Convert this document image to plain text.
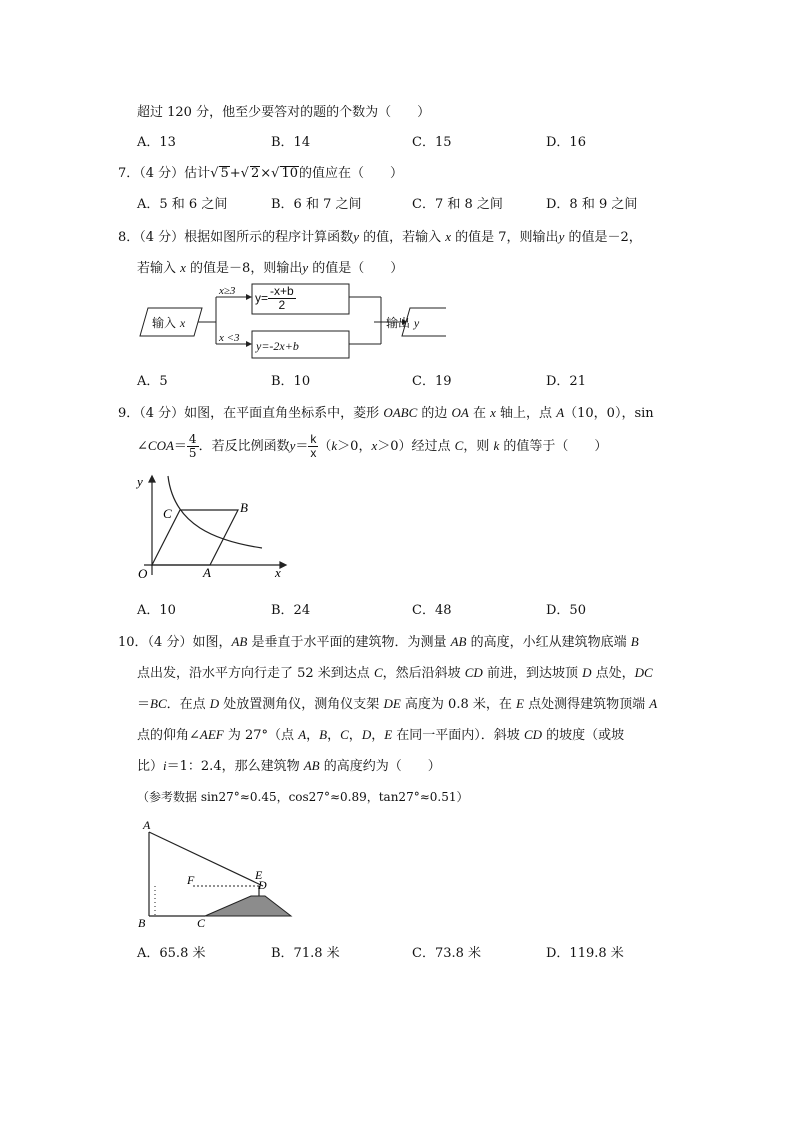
超过 120 分，他至少要答对的题的个数为（　　）
A．13	B．14	C．15	D．16
7．（4 分）估计√ 5+√ 2×√ 10的值应在（　　）
A．5 和 6 之间	B．6 和 7 之间	C．7 和 8 之间	D．8 和 9 之间
8．（4 分）根据如图所示的程序计算函数y 的值，若输入 x 的值是 7，则输出y 的值是－2，
若输入 x 的值是－8，则输出y 的值是（　　）
输入 x
x≥3
x <3
$y= \frac{-x+b}{2}$
y=-2x+b
输出 y
A．5	B．10	C．19	D．21
9．（4 分）如图，在平面直角坐标系中，菱形 OABC 的边 OA 在 x 轴上，点 A（10，0），sin
∠COA＝ $\frac{4}{5}$ ．若反比例函数$y= \frac{k}{x} (k>0$，x＞0）经过点 C，则 k 的值等于（　　）
y
x
O	A
B
C
A．10	B．24	C．48	D．50
10．（4 分）如图，AB 是垂直于水平面的建筑物．为测量 AB 的高度，小红从建筑物底端 B
点出发，沿水平方向行走了 52 米到达点 C，然后沿斜坡 CD 前进，到达坡顶 D 点处，DC
＝BC．在点 D 处放置测角仪，测角仪支架 DE 高度为 0.8 米，在 E 点处测得建筑物顶端 A
点的仰角∠AEF 为 27°（点 A，B，C，D，E 在同一平面内）．斜坡 CD 的坡度（或坡
比）i＝1：2.4，那么建筑物 AB 的高度约为（　　）
（参考数据 sin27°≈0.45，cos27°≈0.89，tan27°≈0.51）
A
B	C
D
E
F
A．65.8 米	B．71.8 米	C．73.8 米	D．119.8 米
